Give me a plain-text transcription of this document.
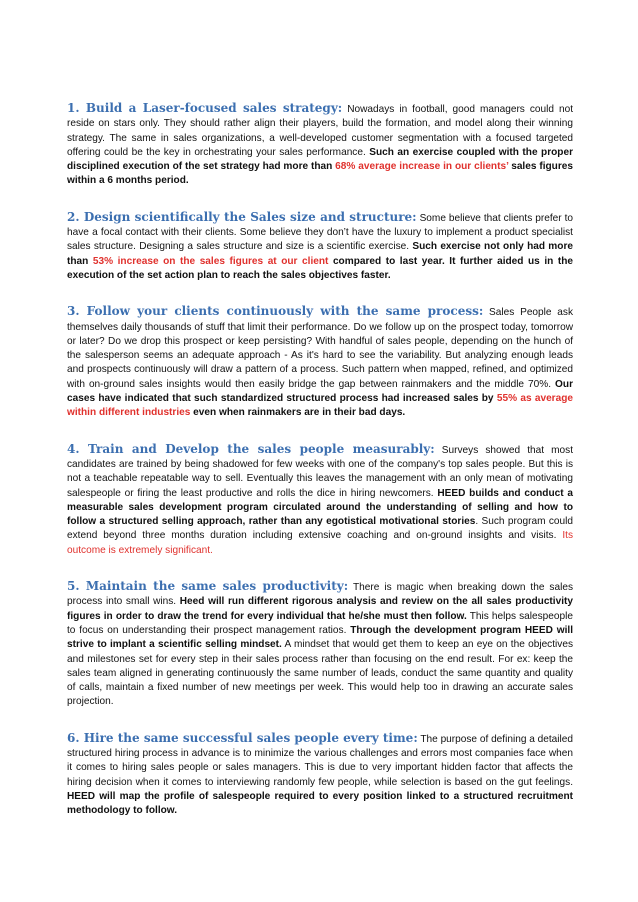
1. Build a Laser-focused sales strategy: Nowadays in football, good managers could not reside on stars only. They should rather align their players, build the formation, and model along their winning strategy. The same in sales organizations, a well-developed customer segmentation with a focused targeted offering could be the key in orchestrating your sales performance. Such an exercise coupled with the proper disciplined execution of the set strategy had more than 68% average increase in our clients’ sales figures within a 6 months period.

2. Design scientifically the Sales size and structure: Some believe that clients prefer to have a focal contact with their clients. Some believe they don’t have the luxury to implement a product specialist sales structure. Designing a sales structure and size is a scientific exercise. Such exercise not only had more than 53% increase on the sales figures at our client compared to last year. It further aided us in the execution of the set action plan to reach the sales objectives faster.

3. Follow your clients continuously with the same process: Sales People ask themselves daily thousands of stuff that limit their performance. Do we follow up on the prospect today, tomorrow or later? Do we drop this prospect or keep persisting? With handful of sales people, depending on the hunch of the salesperson seems an adequate approach - As it's hard to see the variability. But analyzing enough leads and prospects continuously will draw a pattern of a process. Such pattern when mapped, refined, and optimized with on-ground sales insights would then easily bridge the gap between rainmakers and the middle 70%. Our cases have indicated that such standardized structured process had increased sales by 55% as average within different industries even when rainmakers are in their bad days.

4. Train and Develop the sales people measurably: Surveys showed that most candidates are trained by being shadowed for few weeks with one of the company's top sales people. But this is not a teachable repeatable way to sell. Eventually this leaves the management with an only mean of motivating salespeople or firing the least productive and rolls the dice in hiring newcomers. HEED builds and conduct a measurable sales development program circulated around the understanding of selling and how to follow a structured selling approach, rather than any egotistical motivational stories. Such program could extend beyond three months duration including extensive coaching and on-ground insights and visits. Its outcome is extremely significant.

5. Maintain the same sales productivity: There is magic when breaking down the sales process into small wins. Heed will run different rigorous analysis and review on the all sales productivity figures in order to draw the trend for every individual that he/she must then follow. This helps salespeople to focus on understanding their prospect management ratios. Through the development program HEED will strive to implant a scientific selling mindset. A mindset that would get them to keep an eye on the objectives and milestones set for every step in their sales process rather than focusing on the end result. For ex: keep the sales team aligned in generating continuously the same number of leads, conduct the same quantity and quality of calls, maintain a fixed number of new meetings per week. This would help too in drawing an accurate sales projection.

6. Hire the same successful sales people every time: The purpose of defining a detailed structured hiring process in advance is to minimize the various challenges and errors most companies face when it comes to hiring sales people or sales managers. This is due to very important hidden factor that affects the hiring decision when it comes to interviewing randomly few people, while selection is based on the gut feelings. HEED will map the profile of salespeople required to every position linked to a structured recruitment methodology to follow.
